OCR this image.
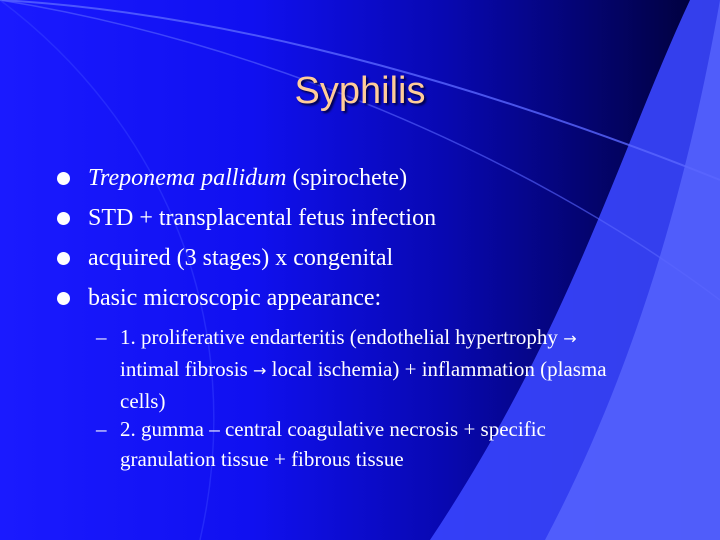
Syphilis
Treponema pallidum (spirochete)
STD + transplacental fetus infection
acquired (3 stages) x congenital
basic microscopic appearance:
– 1. proliferative endarteritis (endothelial hypertrophy → intimal fibrosis → local ischemia) + inflammation (plasma cells)
– 2. gumma – central coagulative necrosis + specific granulation tissue + fibrous tissue
